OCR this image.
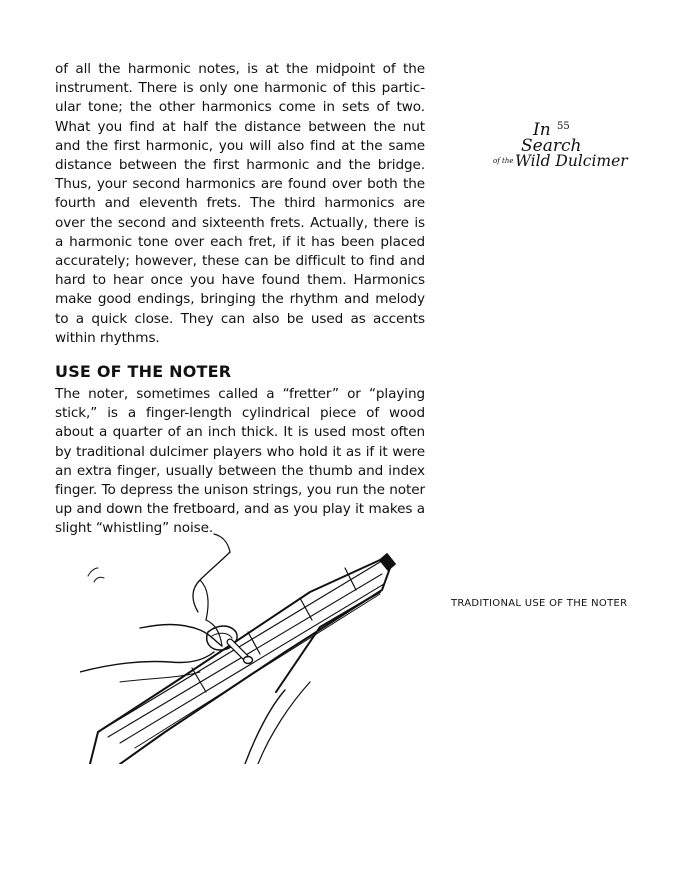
In 55
Search
of the Wild Dulcimer

of all the harmonic notes, is at the midpoint of the instrument. There is only one harmonic of this partic-ular tone; the other harmonics come in sets of two. What you find at half the distance between the nut and the first harmonic, you will also find at the same distance between the first harmonic and the bridge. Thus, your second harmonics are found over both the fourth and eleventh frets. The third harmonics are over the second and sixteenth frets. Actually, there is a harmonic tone over each fret, if it has been placed accurately; however, these can be difficult to find and hard to hear once you have found them. Harmonics make good endings, bringing the rhythm and melody to a quick close. They can also be used as accents within rhythms.

USE OF THE NOTER

The noter, sometimes called a “fretter” or “playing stick,” is a finger-length cylindrical piece of wood about a quarter of an inch thick. It is used most often by traditional dulcimer players who hold it as if it were an extra finger, usually between the thumb and index finger. To depress the unison strings, you run the noter up and down the fretboard, and as you play it makes a slight “whistling” noise.

TRADITIONAL USE OF THE NOTER
